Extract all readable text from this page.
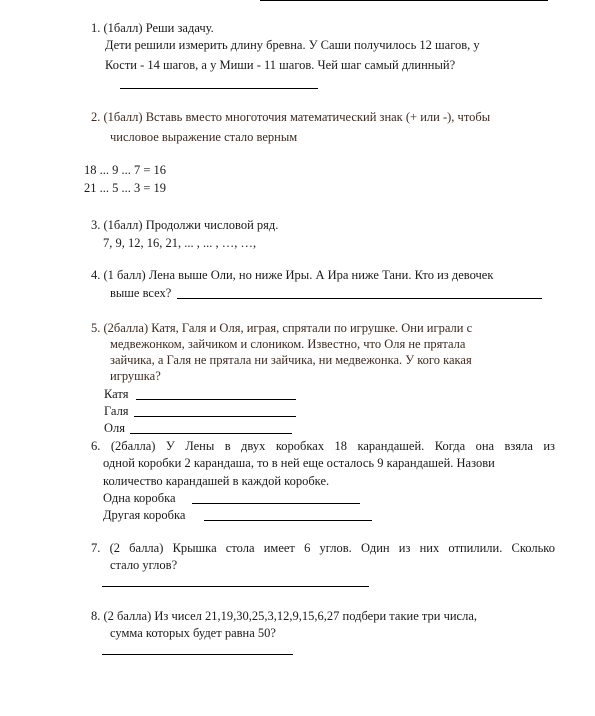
1. (1балл) Реши задачу.
Дети решили измерить длину бревна. У Саши получилось 12 шагов, у
Кости - 14 шагов, а у Миши - 11 шагов. Чей шаг самый длинный?
2. (1балл) Вставь вместо многоточия математический знак (+ или -), чтобы
числовое выражение стало верным
18 ... 9 ... 7 = 16
21 ... 5 ... 3 = 19
3. (1балл) Продолжи числовой ряд.
7, 9, 12, 16, 21, ... , ... , …, …,
4. (1 балл) Лена выше Оли, но ниже Иры. А Ира ниже Тани. Кто из девочек
выше всех?
5. (2балла) Катя, Галя и Оля, играя, спрятали по игрушке. Они играли с
медвежонком, зайчиком и слоником. Известно, что Оля не прятала
зайчика, а Галя не прятала ни зайчика, ни медвежонка. У кого какая
игрушка?
Катя
Галя
Оля
6. (2балла) У Лены в двух коробках 18 карандашей. Когда она взяла из
одной коробки 2 карандаша, то в ней еще осталось 9 карандашей. Назови
количество карандашей в каждой коробке.
Одна коробка
Другая коробка
7. (2 балла) Крышка стола имеет 6 углов. Один из них отпилили. Сколько
стало углов?
8. (2 балла) Из чисел 21,19,30,25,3,12,9,15,6,27 подбери такие три числа,
сумма которых будет равна 50?
